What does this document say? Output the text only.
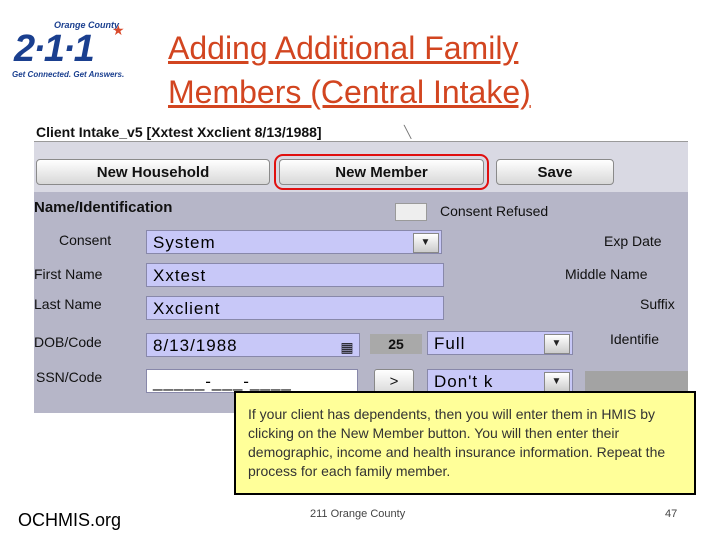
Orange County
★
2·1·1
Get Connected. Get Answers.
Adding Additional Family
Members (Central Intake)
Client Intake_v5 [Xxtest Xxclient 8/13/1988]	╲
New Household	New Member	Save
Name/Identification	Consent Refused
Consent	System	▼	Exp Date
First Name	Xxtest	Middle Name
Last Name	Xxclient	Suffix
DOB/Code	8/13/1988	▦	25	Full	▼	Identifie
SSN/Code	_____-___-____	>	Don't k	▼
If your client has dependents, then you will enter them in HMIS by clicking on the New Member button. You will then enter their demographic, income and health insurance information. Repeat the process for each family member.
OCHMIS.org	211 Orange County	47
